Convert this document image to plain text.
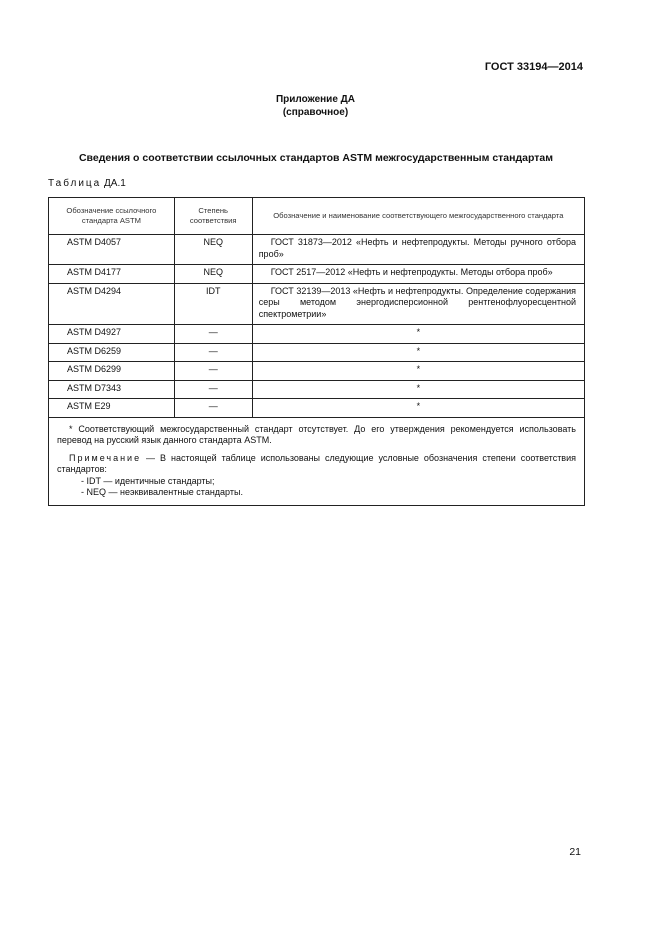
ГОСТ 33194—2014
Приложение ДА
(справочное)
Сведения о соответствии ссылочных стандартов ASTM межгосударственным стандартам
Таблица ДА.1
Обозначение ссылочного стандарта ASTM	Степень соответствия	Обозначение и наименование соответствующего межгосударственного стандарта
ASTM D4057	NEQ	ГОСТ 31873—2012 «Нефть и нефтепродукты. Методы ручного отбора проб»
ASTM D4177	NEQ	ГОСТ 2517—2012 «Нефть и нефтепродукты. Методы отбора проб»
ASTM D4294	IDT	ГОСТ 32139—2013 «Нефть и нефтепродукты. Определение содержания серы методом энергодисперсионной рентгенофлуоресцентной спектрометрии»
ASTM D4927	—	*
ASTM D6259	—	*
ASTM D6299	—	*
ASTM D7343	—	*
ASTM E29	—	*

* Соответствующий межгосударственный стандарт отсутствует. До его утверждения рекомендуется использовать перевод на русский язык данного стандарта ASTM.

Примечание — В настоящей таблице использованы следующие условные обозначения степени соответствия стандартов:

- IDT — идентичные стандарты;

- NEQ — неэквивалентные стандарты.		

21
